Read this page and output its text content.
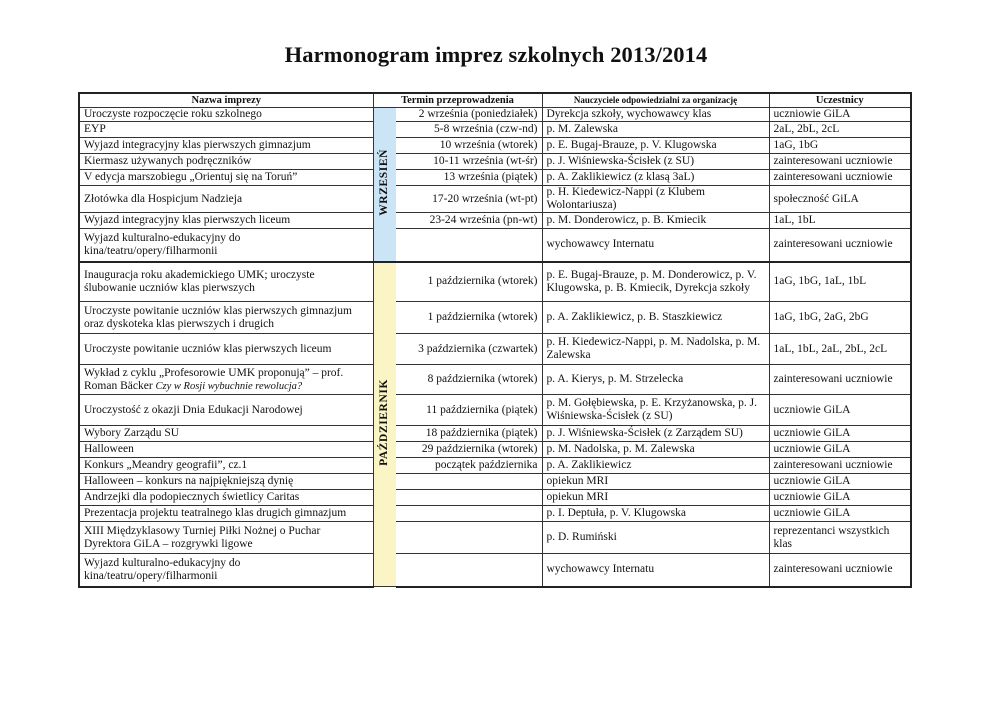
Harmonogram imprez szkolnych 2013/2014
Nazwa imprezy	Termin przeprowadzenia		Nauczyciele odpowiedzialni za organizację	Uczestnicy
Uroczyste rozpoczęcie roku szkolnego	WRZESIEŃ	2 września (poniedziałek)	Dyrekcja szkoły, wychowawcy klas	uczniowie GiLA
EYP		5-8 września (czw-nd)	p. M. Zalewska	2aL, 2bL, 2cL
Wyjazd integracyjny klas pierwszych gimnazjum		10 września (wtorek)	p. E. Bugaj-Brauze, p. V. Klugowska	1aG, 1bG
Kiermasz używanych podręczników		10-11 września (wt-śr)	p. J. Wiśniewska-Ścisłek (z SU)	zainteresowani uczniowie
V edycja marszobiegu „Orientuj się na Toruń”		13 września (piątek)	p. A. Zaklikiewicz (z klasą 3aL)	zainteresowani uczniowie
Złotówka dla Hospicjum Nadzieja		17-20 września (wt-pt)	p. H. Kiedewicz-Nappi (z Klubem Wolontariusza)	społeczność GiLA
Wyjazd integracyjny klas pierwszych liceum		23-24 września (pn-wt)	p. M. Donderowicz, p. B. Kmiecik	1aL, 1bL
Wyjazd kulturalno-edukacyjny do kina/teatru/opery/filharmonii			wychowawcy Internatu	zainteresowani uczniowie
Inauguracja roku akademickiego UMK; uroczyste ślubowanie uczniów klas pierwszych	PAŹDZIERNIK	1 października (wtorek)	p. E. Bugaj-Brauze, p. M. Donderowicz, p. V. Klugowska, p. B. Kmiecik, Dyrekcja szkoły	1aG, 1bG, 1aL, 1bL
Uroczyste powitanie uczniów klas pierwszych gimnazjum oraz dyskoteka klas pierwszych i drugich		1 października (wtorek)	p. A. Zaklikiewicz, p. B. Staszkiewicz	1aG, 1bG, 2aG, 2bG
Uroczyste powitanie uczniów klas pierwszych liceum		3 października (czwartek)	p. H. Kiedewicz-Nappi, p. M. Nadolska, p. M. Zalewska	1aL, 1bL, 2aL, 2bL, 2cL
Wykład z cyklu „Profesorowie UMK proponują” – prof. Roman Bäcker Czy w Rosji wybuchnie rewolucja?		8 października (wtorek)	p. A. Kierys, p. M. Strzelecka	zainteresowani uczniowie
Uroczystość z okazji Dnia Edukacji Narodowej		11 października (piątek)	p. M. Gołębiewska, p. E. Krzyżanowska, p. J. Wiśniewska-Ścisłek (z SU)	uczniowie GiLA
Wybory Zarządu SU		18 października (piątek)	p. J. Wiśniewska-Ścisłek (z Zarządem SU)	uczniowie GiLA
Halloween		29 października (wtorek)	p. M. Nadolska, p. M. Zalewska	uczniowie GiLA
Konkurs „Meandry geografii”, cz.1		początek października	p. A. Zaklikiewicz	zainteresowani uczniowie
Halloween – konkurs na najpiękniejszą dynię			opiekun MRI	uczniowie GiLA
Andrzejki dla podopiecznych świetlicy Caritas			opiekun MRI	uczniowie GiLA
Prezentacja projektu teatralnego klas drugich gimnazjum			p. I. Deptuła, p. V. Klugowska	uczniowie GiLA
XIII Międzyklasowy Turniej Piłki Nożnej o Puchar Dyrektora GiLA – rozgrywki ligowe			p. D. Rumiński	reprezentanci wszystkich klas
Wyjazd kulturalno-edukacyjny do kina/teatru/opery/filharmonii			wychowawcy Internatu	zainteresowani uczniowie
